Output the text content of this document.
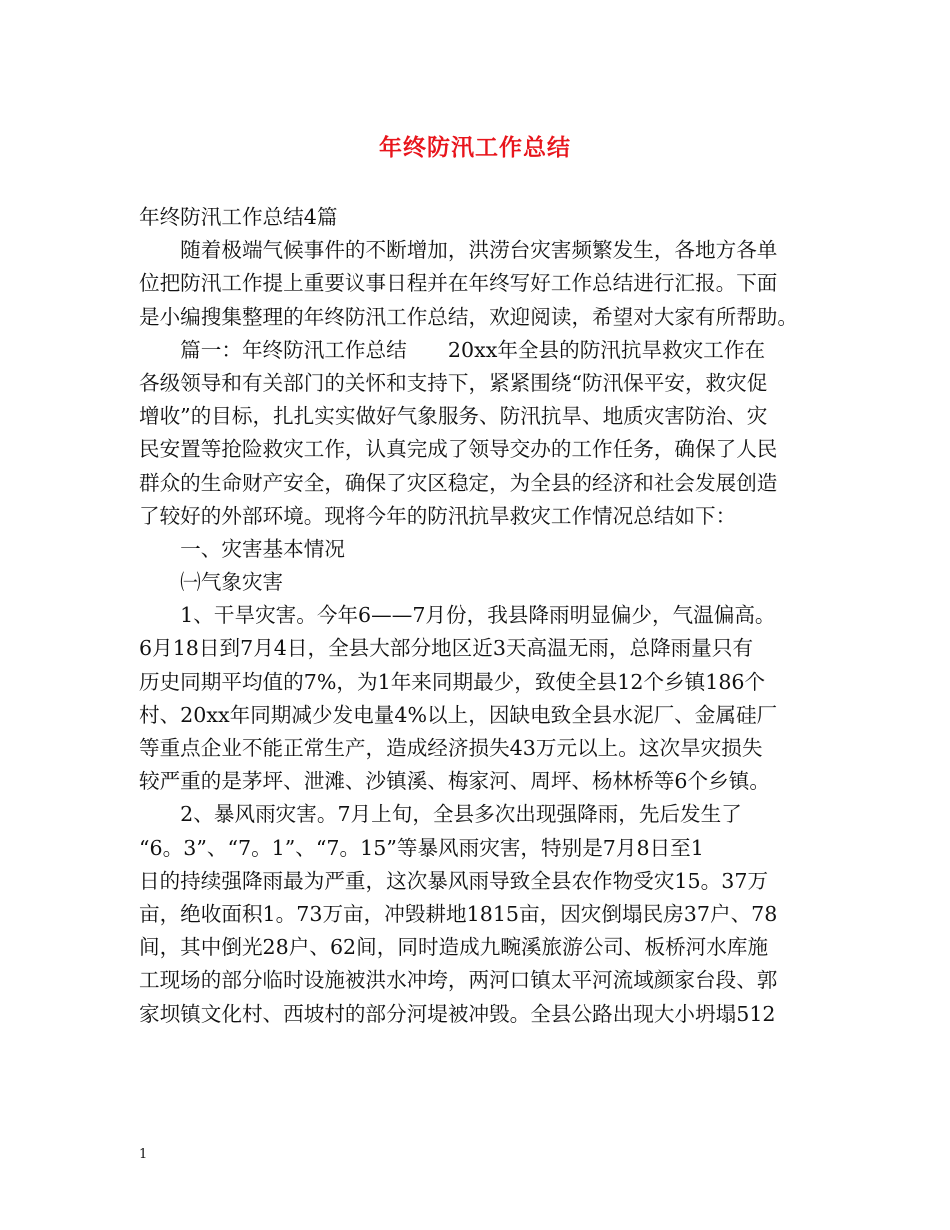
年终防汛工作总结
年终防汛工作总结4篇
　　随着极端气候事件的不断增加，洪涝台灾害频繁发生，各地方各单
位把防汛工作提上重要议事日程并在年终写好工作总结进行汇报。下面
是小编搜集整理的年终防汛工作总结，欢迎阅读，希望对大家有所帮助。
　　篇一：年终防汛工作总结　　20xx年全县的防汛抗旱救灾工作在
各级领导和有关部门的关怀和支持下，紧紧围绕“防汛保平安，救灾促
增收”的目标，扎扎实实做好气象服务、防汛抗旱、地质灾害防治、灾
民安置等抢险救灾工作，认真完成了领导交办的工作任务，确保了人民
群众的生命财产安全，确保了灾区稳定，为全县的经济和社会发展创造
了较好的外部环境。现将今年的防汛抗旱救灾工作情况总结如下：
　　一、灾害基本情况
　　㈠气象灾害
　　1、干旱灾害。今年6——7月份，我县降雨明显偏少，气温偏高。
6月18日到7月4日，全县大部分地区近3天高温无雨，总降雨量只有
历史同期平均值的7%，为1年来同期最少，致使全县12个乡镇186个
村、20xx年同期减少发电量4%以上，因缺电致全县水泥厂、金属硅厂
等重点企业不能正常生产，造成经济损失43万元以上。这次旱灾损失
较严重的是茅坪、泄滩、沙镇溪、梅家河、周坪、杨林桥等6个乡镇。
　　2、暴风雨灾害。7月上旬，全县多次出现强降雨，先后发生了
“6。3”、“7。1”、“7。15”等暴风雨灾害，特别是7月8日至1
日的持续强降雨最为严重，这次暴风雨导致全县农作物受灾15。37万
亩，绝收面积1。73万亩，冲毁耕地1815亩，因灾倒塌民房37户、78
间，其中倒光28户、62间，同时造成九畹溪旅游公司、板桥河水库施
工现场的部分临时设施被洪水冲垮，两河口镇太平河流域颜家台段、郭
家坝镇文化村、西坡村的部分河堤被冲毁。全县公路出现大小坍塌512
1
